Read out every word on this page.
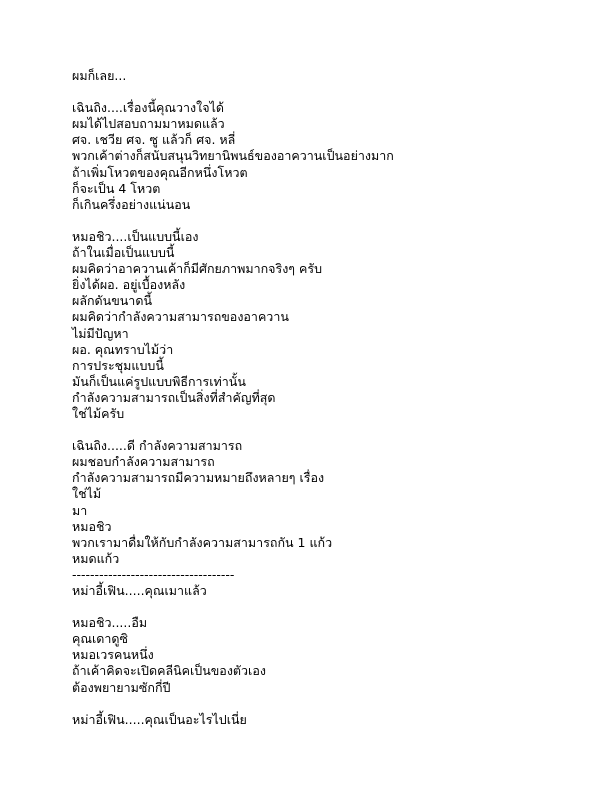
ผมก็เลย...
เฉินถิง....เรื่องนี้คุณวางใจได้
ผมได้ไปสอบถามมาหมดแล้ว
ศจ. เชวีย ศจ. ซู แล้วก็ ศจ. หลี่
พวกเค้าต่างก็สนับสนุนวิทยานิพนธ์ของอาควานเป็นอย่างมาก
ถ้าเพิ่มโหวตของคุณอีกหนึ่งโหวต
ก็จะเป็น 4 โหวต
ก็เกินครึ่งอย่างแน่นอน
หมอชิว....เป็นแบบนี้เอง
ถ้าในเมื่อเป็นแบบนี้
ผมคิดว่าอาควานเค้าก็มีศักยภาพมากจริงๆ ครับ
ยิ่งได้ผอ. อยู่เบื้องหลัง
ผลักดันขนาดนี้
ผมคิดว่ากำลังความสามารถของอาควาน
ไม่มีปัญหา
ผอ. คุณทราบไม้ว่า
การประชุมแบบนี้
มันก็เป็นแค่รูปแบบพิธีการเท่านั้น
กำลังความสามารถเป็นสิ่งที่สำคัญที่สุด
ใช่ไม้ครับ
เฉินถิง.....ดี กำลังความสามารถ
ผมชอบกำลังความสามารถ
กำลังความสามารถมีความหมายถึงหลายๆ เรื่อง
ใช่ไม้
มา
หมอชิว
พวกเรามาดื่มให้กับกำลังความสามารถกัน 1 แก้ว
หมดแก้ว
------------------------------------
หม่าอี้เฟิน.....คุณเมาแล้ว
หมอชิว.....อืม
คุณเดาดูซิ
หมอเวรคนหนึ่ง
ถ้าเค้าคิดจะเปิดคลีนิคเป็นของตัวเอง
ต้องพยายามซักกี่ปี
หม่าอี้เฟิน.....คุณเป็นอะไรไปเนี่ย
